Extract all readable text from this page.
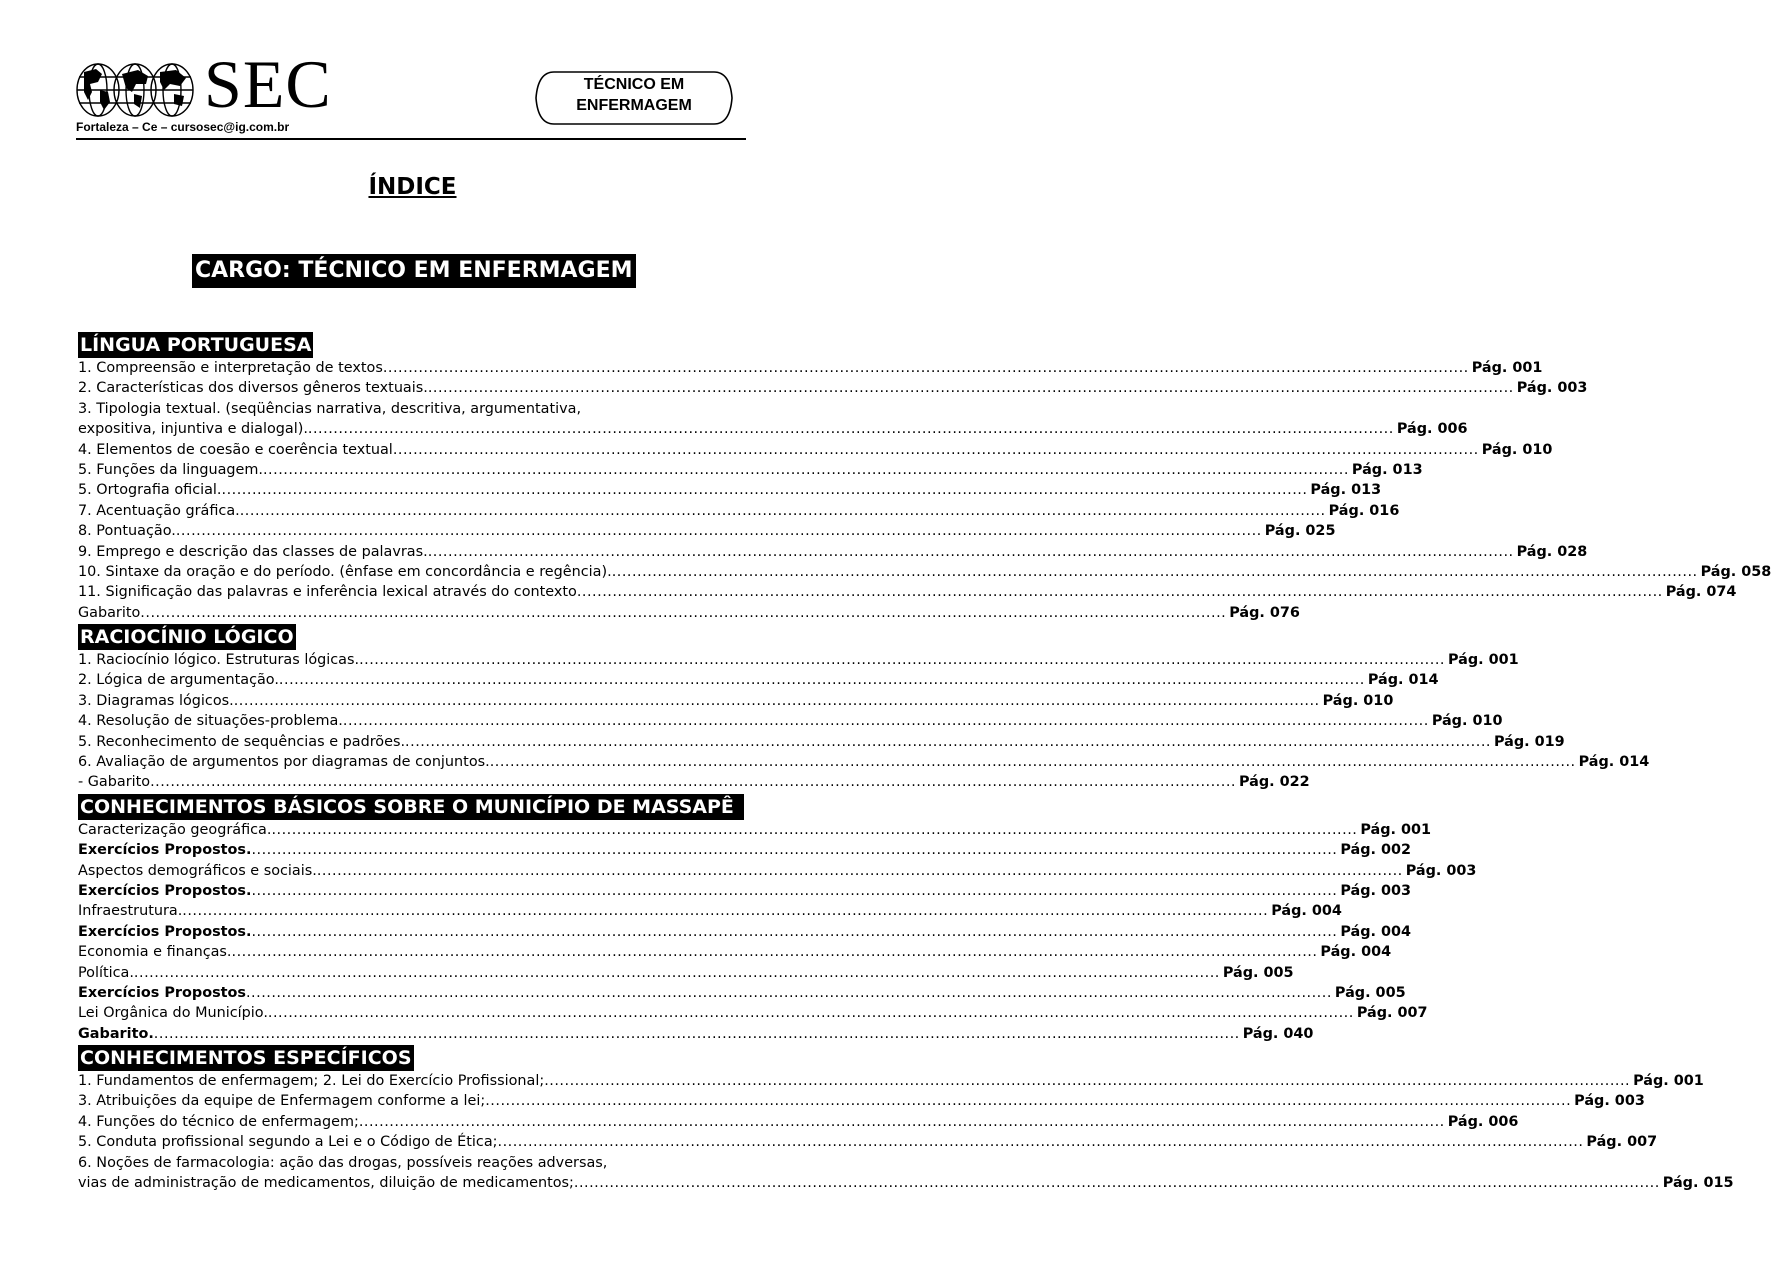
SEC
Fortaleza – Ce – cursosec@ig.com.br
TÉCNICO EM
ENFERMAGEM
ÍNDICE
CARGO: TÉCNICO EM ENFERMAGEM
LÍNGUA PORTUGUESA
1. Compreensão e interpretação de textos .....	Pág. 001
2. Características dos diversos gêneros textuais. .....	Pág. 003
3. Tipologia textual. (seqüências narrativa, descritiva, argumentativa,
expositiva, injuntiva e dialogal). .....	Pág. 006
4. Elementos de coesão e coerência textual .....	Pág. 010
5. Funções da linguagem. .....	Pág. 013
5. Ortografia oficial. .....	Pág. 013
7. Acentuação gráfica. .....	Pág. 016
8. Pontuação. .....	Pág. 025
9. Emprego e descrição das classes de palavras. .....	Pág. 028
10. Sintaxe da oração e do período. (ênfase em concordância e regência). .....	Pág. 058
11. Significação das palavras e inferência lexical através do contexto .....	Pág. 074
Gabarito .....	Pág. 076
RACIOCÍNIO LÓGICO
1. Raciocínio lógico. Estruturas lógicas. .....	Pág. 001
2. Lógica de argumentação. .....	Pág. 014
3. Diagramas lógicos. .....	Pág. 010
4. Resolução de situações-problema. .....	Pág. 010
5. Reconhecimento de sequências e padrões. .....	Pág. 019
6. Avaliação de argumentos por diagramas de conjuntos. .....	Pág. 014
- Gabarito .....	Pág. 022
CONHECIMENTOS BÁSICOS SOBRE O MUNICÍPIO DE MASSAPÊ
Caracterização geográfica. .....	Pág. 001
Exercícios Propostos. .....	Pág. 002
Aspectos demográficos e sociais. .....	Pág. 003
Exercícios Propostos. .....	Pág. 003
Infraestrutura. .....	Pág. 004
Exercícios Propostos. .....	Pág. 004
Economia e finanças. .....	Pág. 004
Política. .....	Pág. 005
Exercícios Propostos .....	Pág. 005
Lei Orgânica do Município. .....	Pág. 007
Gabarito. .....	Pág. 040
CONHECIMENTOS ESPECÍFICOS
1. Fundamentos de enfermagem; 2. Lei do Exercício Profissional; .....	Pág. 001
3. Atribuições da equipe de Enfermagem conforme a lei; .....	Pág. 003
4. Funções do técnico de enfermagem; .....	Pág. 006
5. Conduta profissional segundo a Lei e o Código de Ética; .....	Pág. 007
6. Noções de farmacologia: ação das drogas, possíveis reações adversas,
vias de administração de medicamentos, diluição de medicamentos; .....	Pág. 015
